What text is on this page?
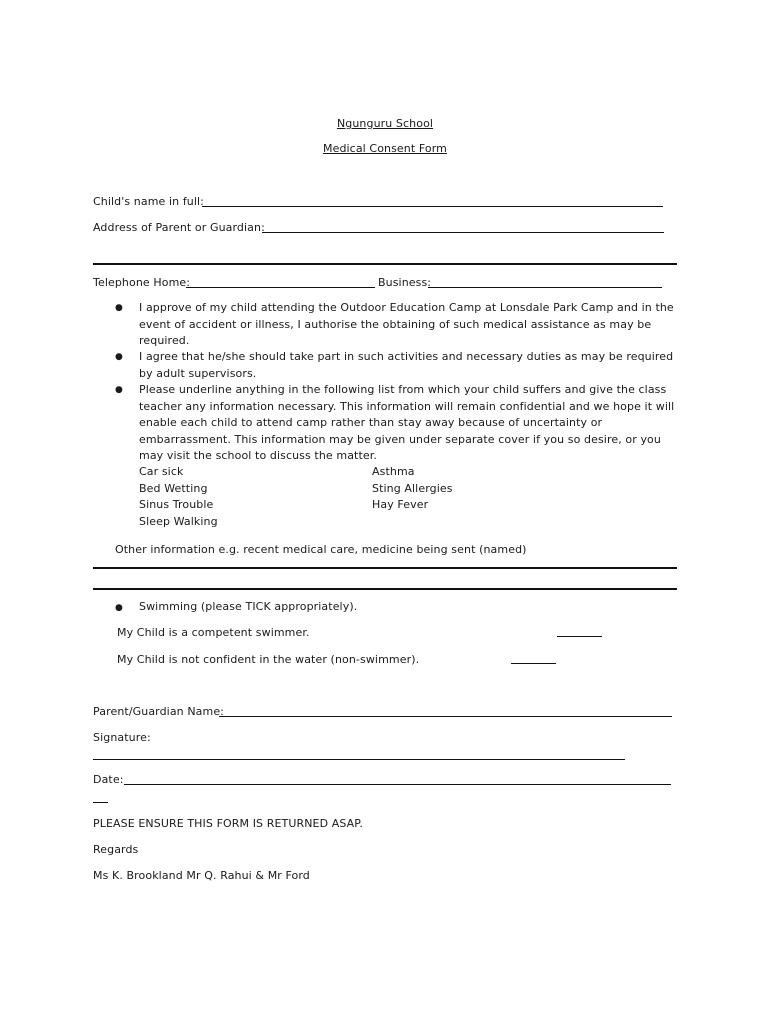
Ngunguru School
Medical Consent Form
Child's name in full:
Address of Parent or Guardian:
Telephone Home:	Business:
● I approve of my child attending the Outdoor Education Camp at Lonsdale Park Camp and in the event of accident or illness, I authorise the obtaining of such medical assistance as may be required.
● I agree that he/she should take part in such activities and necessary duties as may be required by adult supervisors.
● Please underline anything in the following list from which your child suffers and give the class teacher any information necessary. This information will remain confidential and we hope it will enable each child to attend camp rather than stay away because of uncertainty or embarrassment. This information may be given under separate cover if you so desire, or you may visit the school to discuss the matter.
Car sick
Bed Wetting
Sinus Trouble
Sleep Walking
Asthma
Sting Allergies
Hay Fever
Other information e.g. recent medical care, medicine being sent (named)
● Swimming (please TICK appropriately).
My Child is a competent swimmer.
My Child is not confident in the water (non-swimmer).
Parent/Guardian Name:
Signature:
Date:
PLEASE ENSURE THIS FORM IS RETURNED ASAP.
Regards
Ms K. Brookland Mr Q. Rahui & Mr Ford
